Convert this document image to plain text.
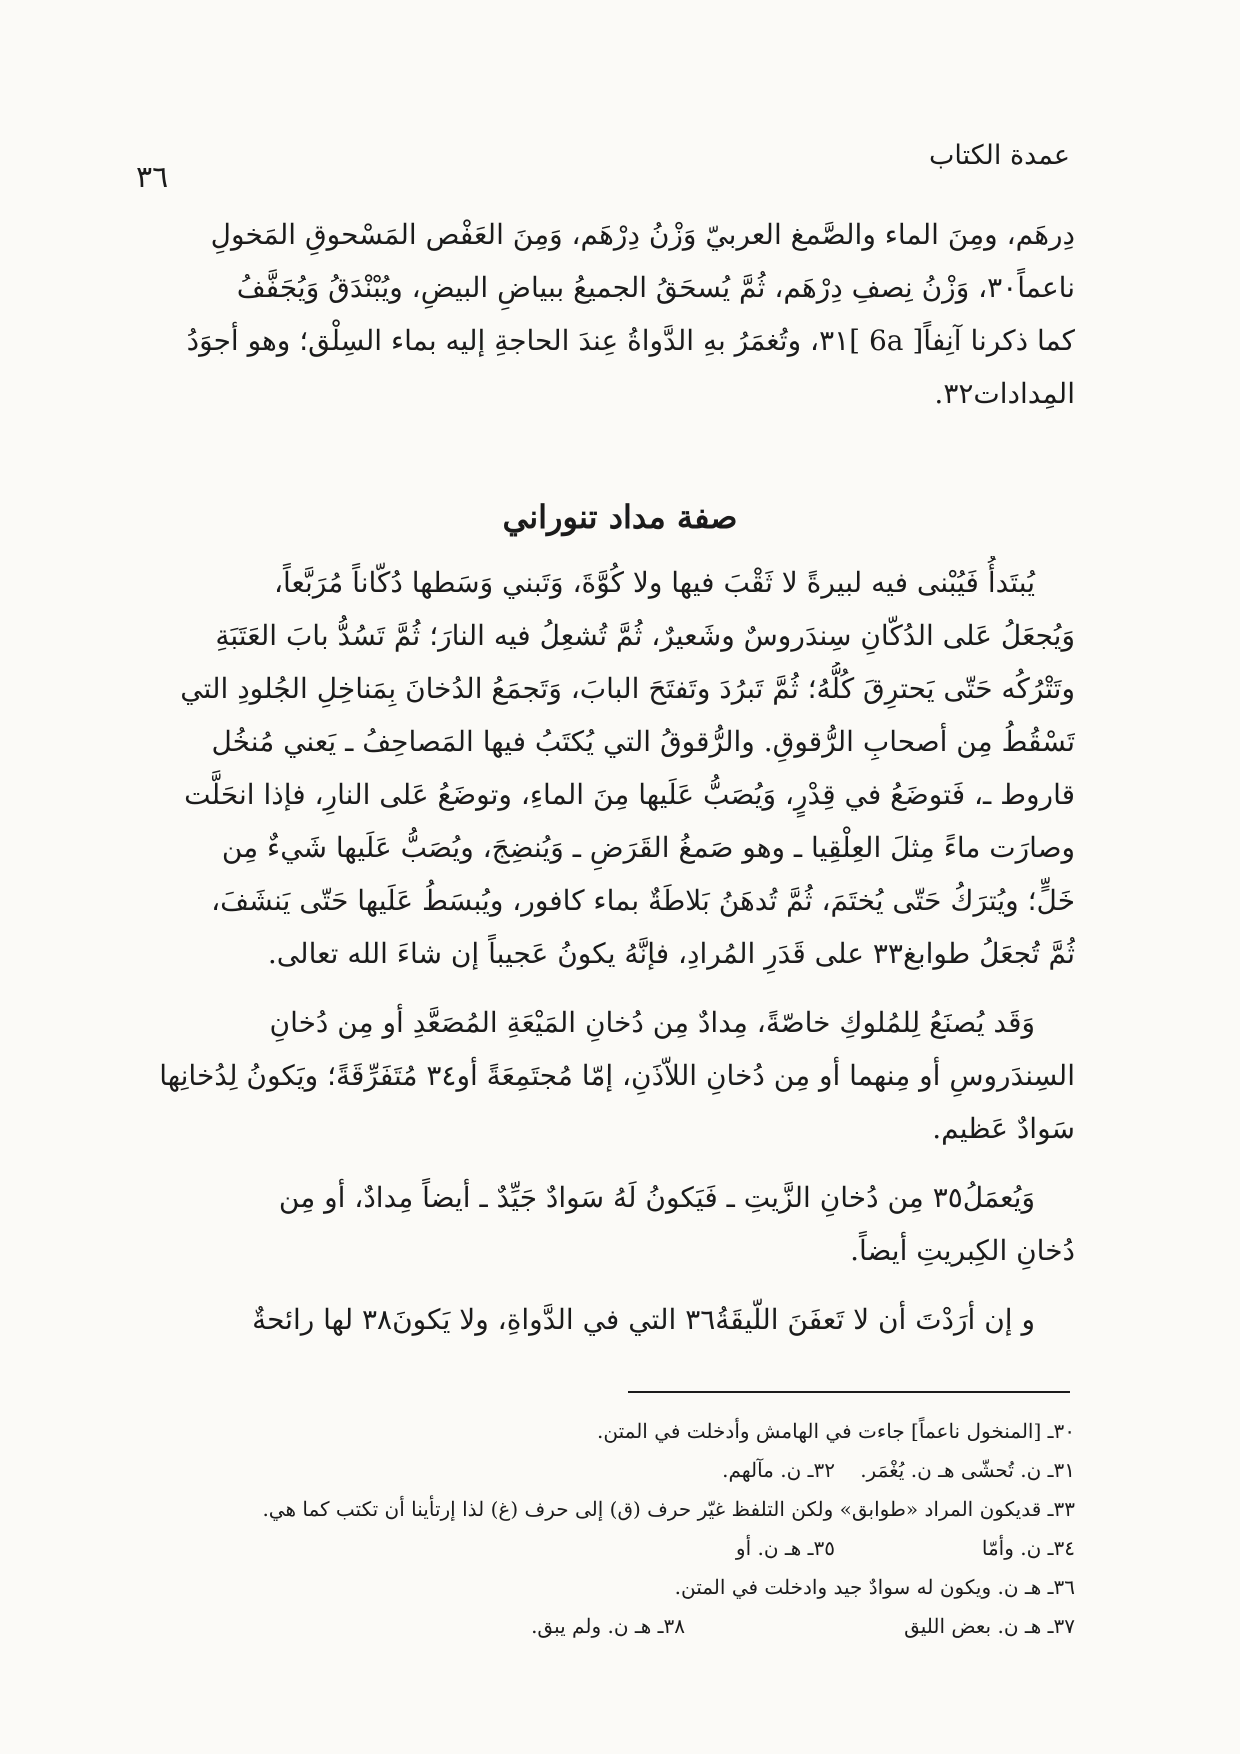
عمدة الكتاب
٣٦
دِرهَم، ومِنَ الماء والصَّمغ العربيّ وَزْنُ دِرْهَم، وَمِنَ العَفْص المَسْحوقِ المَخولِ
ناعماً٣٠، وَزْنُ نِصفِ دِرْهَم، ثُمَّ يُسحَقُ الجميعُ ببياضِ البيضِ، ويُبْنْدَقُ وَيُجَفَّفُ
كما ذكرنا آنِفاً[ 6a ]٣١، وتُغمَرُ بهِ الدَّواةُ عِندَ الحاجةِ إليه بماء السِلْق؛ وهو أجوَدُ
المِدادات٣٢.
صفة مداد تنوراني
يُبتَدأُ فَيُبْنى فيه لبيرةً لا ثَقْبَ فيها ولا كُوَّةَ، وَتَبني وَسَطها دُكّاناً مُرَبَّعاً،
وَيُجعَلُ عَلى الدُكّانِ سِندَروسٌ وشَعيرٌ، ثُمَّ تُشعِلُ فيه النارَ؛ ثُمَّ تَسُدُّ بابَ العَتَبَةِ
وتَتْرُكُه حَتّى يَحترِقَ كُلُّهُ؛ ثُمَّ تَبرُدَ وتَفتَحَ البابَ، وَتَجمَعُ الدُخانَ بِمَناخِلِ الجُلودِ التي
تَسْقُطُ مِن أصحابِ الرُّقوقِ. والرُّقوقُ التي يُكتَبُ فيها المَصاحِفُ ـ يَعني مُنخُل
قاروط ـ، فَتوضَعُ في قِدْرٍ، وَيُصَبُّ عَلَيها مِنَ الماءِ، وتوضَعُ عَلى النارِ، فإذا انحَلَّت
وصارَت ماءً مِثلَ العِلْقِيا ـ وهو صَمغُ القَرَضِ ـ وَيُنضِجَ، ويُصَبُّ عَلَيها شَيءٌ مِن
خَلٍّ؛ ويُترَكُ حَتّى يُختَمَ، ثُمَّ تُدهَنُ بَلاطَةٌ بماء كافور، ويُبسَطُ عَلَيها حَتّى يَنشَفَ،
ثُمَّ تُجعَلُ طوابغ٣٣ على قَدَرِ المُرادِ، فإنَّهُ يكونُ عَجيباً إن شاءَ الله تعالى.
وَقَد يُصنَعُ لِلمُلوكِ خاصّةً، مِدادٌ مِن دُخانِ المَيْعَةِ المُصَعَّدِ أو مِن دُخانِ
السِندَروسِ أو مِنهما أو مِن دُخانِ اللاّذَنِ، إمّا مُجتَمِعَةً أو٣٤ مُتَفَرِّقَةً؛ ويَكونُ لِدُخانِها
سَوادٌ عَظيم.
وَيُعمَلُ٣٥ مِن دُخانِ الزَّيتِ ـ فَيَكونُ لَهُ سَوادٌ جَيِّدٌ ـ أيضاً مِدادٌ، أو مِن
دُخانِ الكِبريتِ أيضاً.
و إن أرَدْتَ أن لا تَعفَنَ اللّيقَةُ٣٦ التي في الدَّواةِ، ولا يَكونَ٣٨ لها رائحةٌ
٣٠ـ [المنخول ناعماً] جاءت في الهامش وأدخلت في المتن.
٣١ـ ن. تُحشّى هـ ن. يُغْمَر.
٣٢ـ ن. مآلهم.
٣٣ـ قديكون المراد «طوابق» ولكن التلفظ غيّر حرف (ق) إلى حرف (غ) لذا إرتأينا أن تكتب كما هي.
٣٤ـ ن. وأمّا
٣٥ـ هـ ن. أو
٣٦ـ هـ ن. ويكون له سوادٌ جيد وادخلت في المتن.
٣٧ـ هـ ن. بعض الليق
٣٨ـ هـ ن. ولم يبق.
